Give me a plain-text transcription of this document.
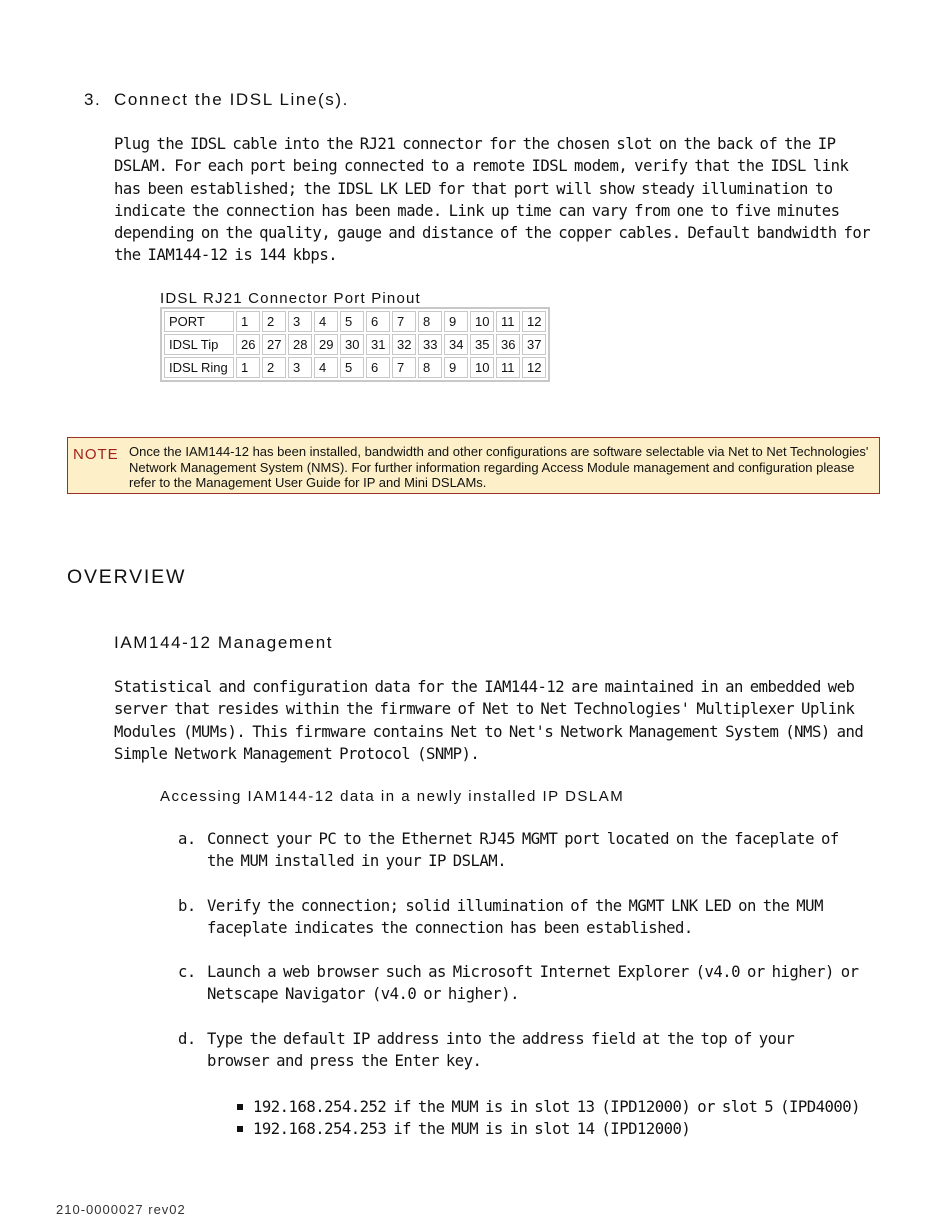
3. Connect the IDSL Line(s).
Plug the IDSL cable into the RJ21 connector for the chosen slot on the back of the IP DSLAM. For each port being connected to a remote IDSL modem, verify that the IDSL link has been established; the IDSL LK LED for that port will show steady illumination to indicate the connection has been made. Link up time can vary from one to five minutes depending on the quality, gauge and distance of the copper cables. Default bandwidth for the IAM144-12 is 144 kbps.
IDSL RJ21 Connector Port Pinout
PORT	1	2	3	4	5	6	7	8	9	10	11	12
IDSL Tip	26	27	28	29	30	31	32	33	34	35	36	37
IDSL Ring	1	2	3	4	5	6	7	8	9	10	11	12
NOTE Once the IAM144-12 has been installed, bandwidth and other configurations are software selectable via Net to Net Technologies' Network Management System (NMS). For further information regarding Access Module management and configuration please refer to the Management User Guide for IP and Mini DSLAMs.
OVERVIEW
IAM144-12 Management
Statistical and configuration data for the IAM144-12 are maintained in an embedded web server that resides within the firmware of Net to Net Technologies' Multiplexer Uplink Modules (MUMs). This firmware contains Net to Net's Network Management System (NMS) and Simple Network Management Protocol (SNMP).
Accessing IAM144-12 data in a newly installed IP DSLAM
a. Connect your PC to the Ethernet RJ45 MGMT port located on the faceplate of the MUM installed in your IP DSLAM.
b. Verify the connection; solid illumination of the MGMT LNK LED on the MUM faceplate indicates the connection has been established.
c. Launch a web browser such as Microsoft Internet Explorer (v4.0 or higher) or Netscape Navigator (v4.0 or higher).
d. Type the default IP address into the address field at the top of your browser and press the Enter key.
192.168.254.252 if the MUM is in slot 13 (IPD12000) or slot 5 (IPD4000)
192.168.254.253 if the MUM is in slot 14 (IPD12000)
210-0000027 rev02
